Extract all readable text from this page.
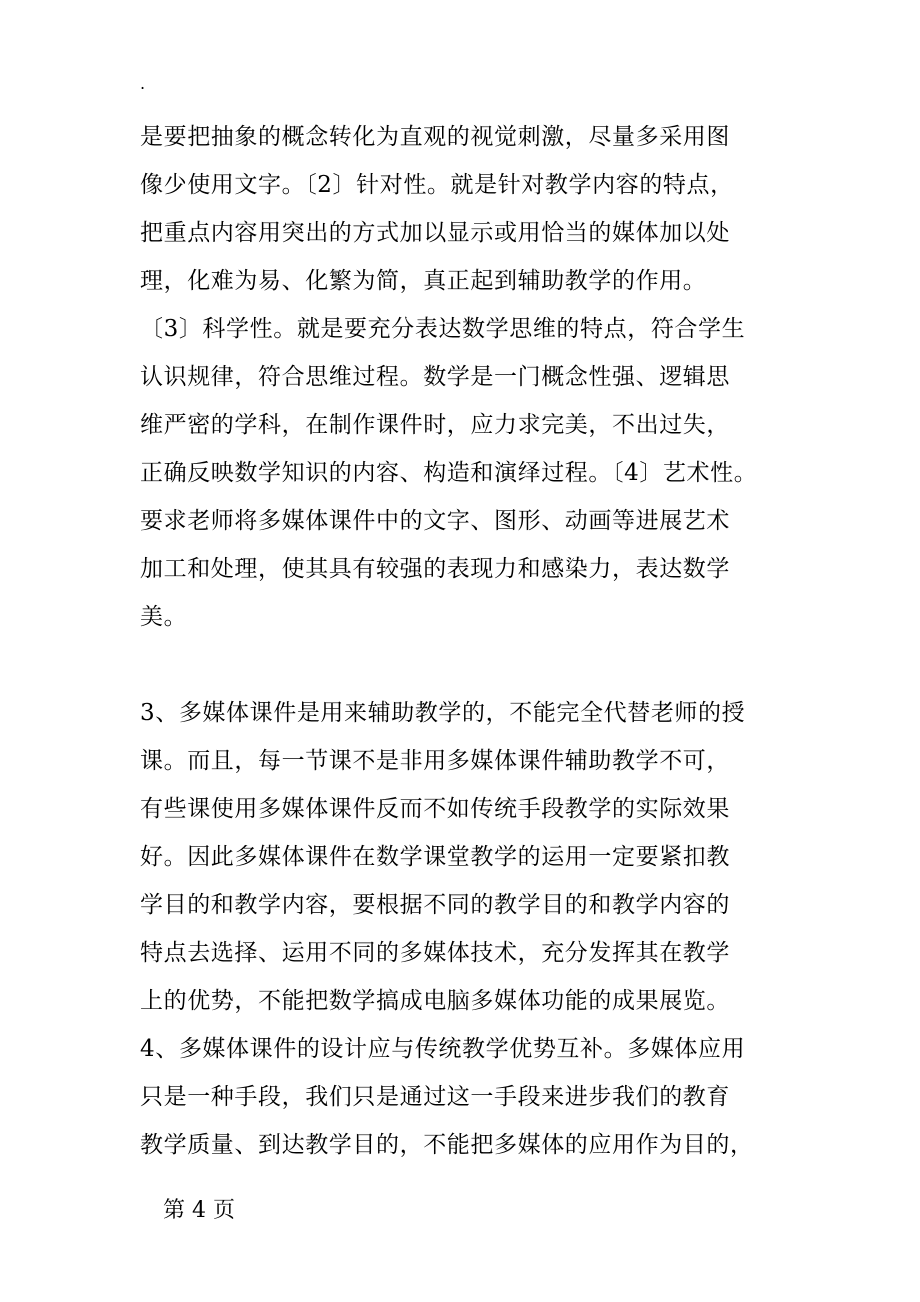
.
是要把抽象的概念转化为直观的视觉刺激，尽量多采用图
像少使用文字。〔2〕针对性。就是针对教学内容的特点，
把重点内容用突出的方式加以显示或用恰当的媒体加以处
理，化难为易、化繁为简，真正起到辅助教学的作用。
〔3〕科学性。就是要充分表达数学思维的特点，符合学生
认识规律，符合思维过程。数学是一门概念性强、逻辑思
维严密的学科，在制作课件时，应力求完美，不出过失，
正确反映数学知识的内容、构造和演绎过程。〔4〕艺术性。
要求老师将多媒体课件中的文字、图形、动画等进展艺术
加工和处理，使其具有较强的表现力和感染力，表达数学
美。
3、多媒体课件是用来辅助教学的，不能完全代替老师的授
课。而且，每一节课不是非用多媒体课件辅助教学不可，
有些课使用多媒体课件反而不如传统手段教学的实际效果
好。因此多媒体课件在数学课堂教学的运用一定要紧扣教
学目的和教学内容，要根据不同的教学目的和教学内容的
特点去选择、运用不同的多媒体技术，充分发挥其在教学
上的优势，不能把数学搞成电脑多媒体功能的成果展览。
4、多媒体课件的设计应与传统教学优势互补。多媒体应用
只是一种手段，我们只是通过这一手段来进步我们的教育
教学质量、到达教学目的，不能把多媒体的应用作为目的，
第 4 页
